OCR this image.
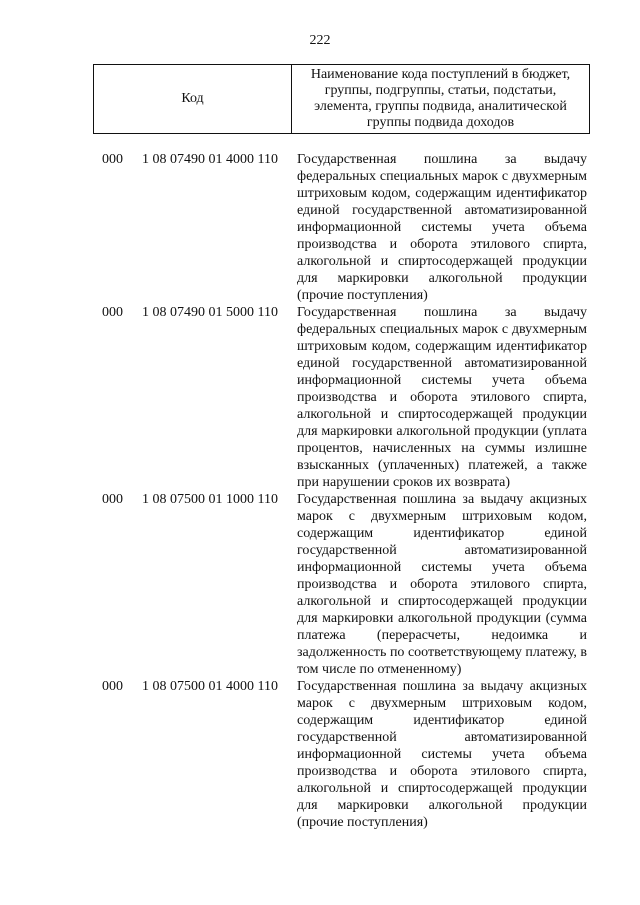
222
Код
Наименование кода поступлений в бюджет, группы, подгруппы, статьи, подстатьи, элемента, группы подвида, аналитической группы подвида доходов
000 1 08 07490 01 4000 110 Государственная пошлина за выдачу федеральных специальных марок с двухмерным штриховым кодом, содержащим идентификатор единой государственной автоматизированной информационной системы учета объема производства и оборота этилового спирта, алкогольной и спиртосодержащей продукции для маркировки алкогольной продукции (прочие поступления)
000 1 08 07490 01 5000 110 Государственная пошлина за выдачу федеральных специальных марок с двухмерным штриховым кодом, содержащим идентификатор единой государственной автоматизированной информационной системы учета объема производства и оборота этилового спирта, алкогольной и спиртосодержащей продукции для маркировки алкогольной продукции (уплата процентов, начисленных на суммы излишне взысканных (уплаченных) платежей, а также при нарушении сроков их возврата)
000 1 08 07500 01 1000 110 Государственная пошлина за выдачу акцизных марок с двухмерным штриховым кодом, содержащим идентификатор единой государственной автоматизированной информационной системы учета объема производства и оборота этилового спирта, алкогольной и спиртосодержащей продукции для маркировки алкогольной продукции (сумма платежа (перерасчеты, недоимка и задолженность по соответствующему платежу, в том числе по отмененному)
000 1 08 07500 01 4000 110 Государственная пошлина за выдачу акцизных марок с двухмерным штриховым кодом, содержащим идентификатор единой государственной автоматизированной информационной системы учета объема производства и оборота этилового спирта, алкогольной и спиртосодержащей продукции для маркировки алкогольной продукции (прочие поступления)
